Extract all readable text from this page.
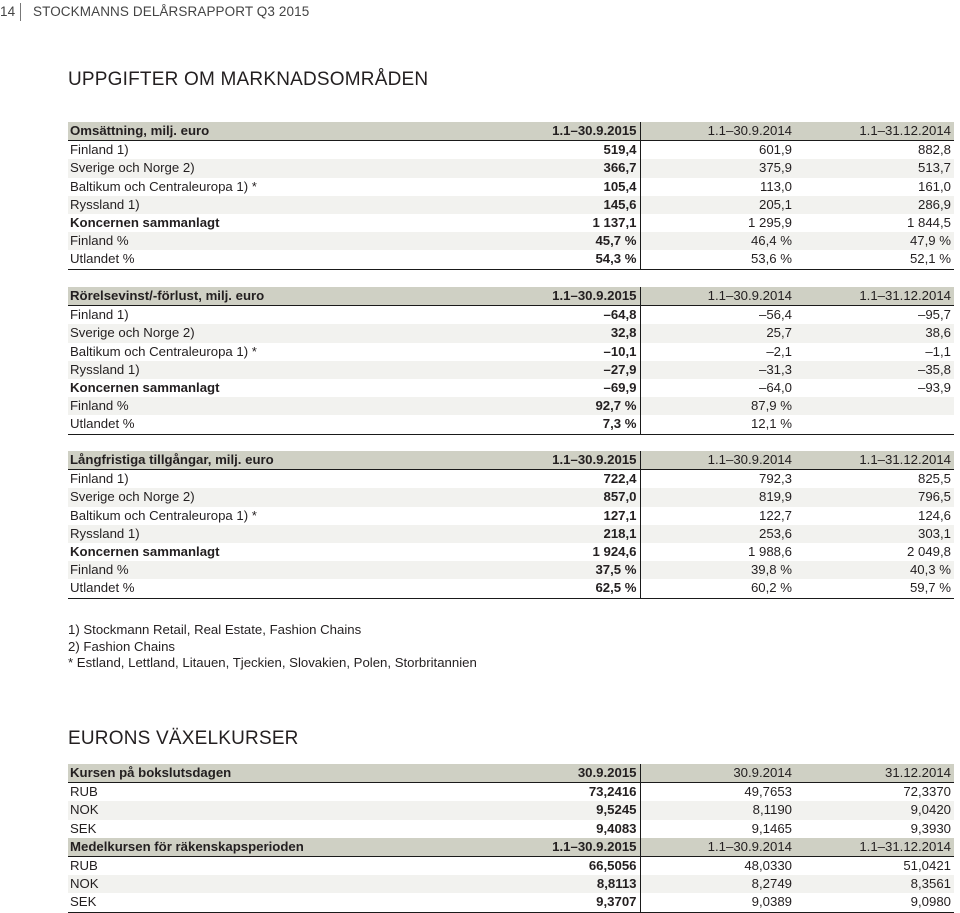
14 STOCKMANNS DELÅRSRAPPORT Q3 2015
UPPGIFTER OM MARKNADSOMRÅDEN
Omsättning, milj. euro	1.1–30.9.2015	1.1–30.9.2014	1.1–31.12.2014
Finland 1)	519,4	601,9	882,8
Sverige och Norge 2)	366,7	375,9	513,7
Baltikum och Centraleuropa 1) *	105,4	113,0	161,0
Ryssland 1)	145,6	205,1	286,9
Koncernen sammanlagt	1 137,1	1 295,9	1 844,5
Finland %	45,7 %	46,4 %	47,9 %
Utlandet %	54,3 %	53,6 %	52,1 %
Rörelsevinst/-förlust, milj. euro	1.1–30.9.2015	1.1–30.9.2014	1.1–31.12.2014
Finland 1)	–64,8	–56,4	–95,7
Sverige och Norge 2)	32,8	25,7	38,6
Baltikum och Centraleuropa 1) *	–10,1	–2,1	–1,1
Ryssland 1)	–27,9	–31,3	–35,8
Koncernen sammanlagt	–69,9	–64,0	–93,9
Finland %	92,7 %	87,9 %	
Utlandet %	7,3 %	12,1 %	
Långfristiga tillgångar, milj. euro	1.1–30.9.2015	1.1–30.9.2014	1.1–31.12.2014
Finland 1)	722,4	792,3	825,5
Sverige och Norge 2)	857,0	819,9	796,5
Baltikum och Centraleuropa 1) *	127,1	122,7	124,6
Ryssland 1)	218,1	253,6	303,1
Koncernen sammanlagt	1 924,6	1 988,6	2 049,8
Finland %	37,5 %	39,8 %	40,3 %
Utlandet %	62,5 %	60,2 %	59,7 %
1) Stockmann Retail, Real Estate, Fashion Chains
2) Fashion Chains
* Estland, Lettland, Litauen, Tjeckien, Slovakien, Polen, Storbritannien
EURONS VÄXELKURSER
Kursen på bokslutsdagen	30.9.2015	30.9.2014	31.12.2014
RUB	73,2416	49,7653	72,3370
NOK	9,5245	8,1190	9,0420
SEK	9,4083	9,1465	9,3930
Medelkursen för räkenskapsperioden	1.1–30.9.2015	1.1–30.9.2014	1.1–31.12.2014
RUB	66,5056	48,0330	51,0421
NOK	8,8113	8,2749	8,3561
SEK	9,3707	9,0389	9,0980
